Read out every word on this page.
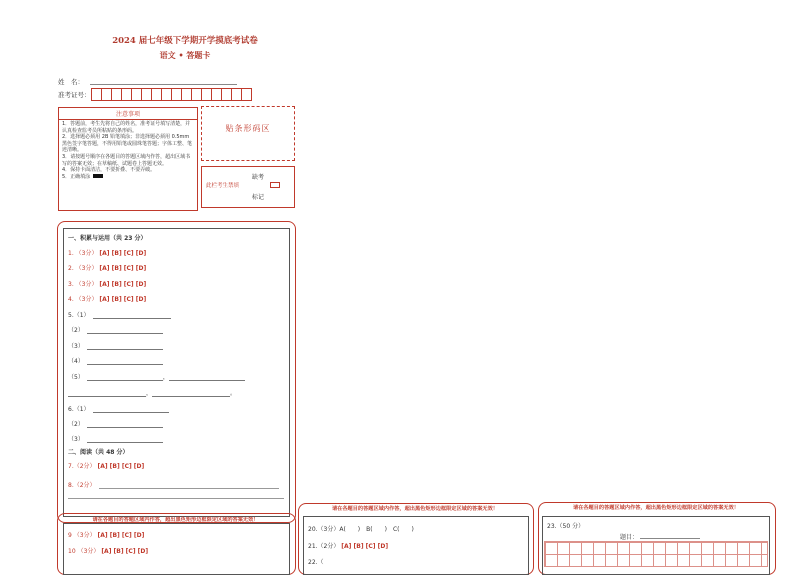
2024 届七年级下学期开学摸底考试卷
语文 • 答题卡
姓　名：
准考证号：
注意事项
1．答题前，考生先将自己的姓名，准考证号填写清楚，并认真检查监考员所粘贴的条形码。
2．选择题必须用 2B 铅笔填涂；非选择题必须用 0.5mm 黑色签字笔答题，不得用铅笔或圆珠笔答题；字体工整、笔迹清晰。
3．请按题号顺序在各题目的答题区域内作答，超出区域书写的答案无效；在草稿纸、试题卷上答题无效。
4．保持卡面清洁，不要折叠、不要弄破。
5．正确填涂
贴条形码区
缺考
此栏考生禁填
标记
一、积累与运用（共 23 分）
1. （3分） [A] [B] [C] [D]
2. （3分） [A] [B] [C] [D]
3. （3分） [A] [B] [C] [D]
4. （3分） [A] [B] [C] [D]
5.（1）
（2）
（3）
（4）
（5）	，
，	。
6.（1）
（2）
（3）
二、阅读（共 48 分）
7.（2分） [A] [B] [C] [D]
8.（2分）
请在各题目的答题区域内作答，超出黑色矩形边框限定区域的答案无效！
9 （3分） [A] [B] [C] [D]
10 （3分） [A] [B] [C] [D]
请在各题目的答题区域内作答，超出黑色矩形边框限定区域的答案无效！
20.（3分）A(　　)　B(　　)　C(　　)
21.（2分） [A] [B] [C] [D]
22.（
请在各题目的答题区域内作答，超出黑色矩形边框限定区域的答案无效！
23.（50 分）
题目：
